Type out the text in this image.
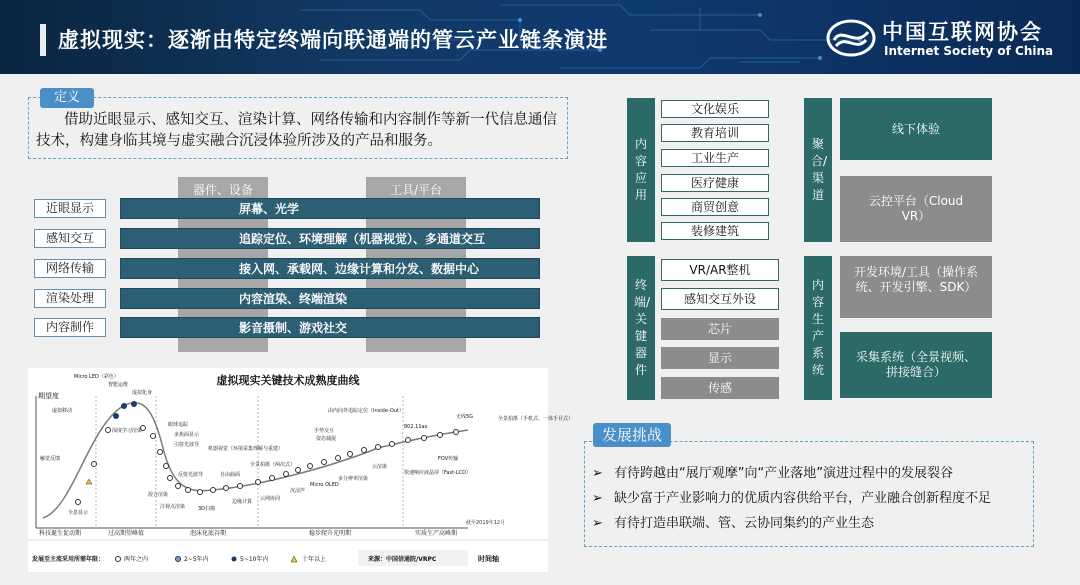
虚拟现实：逐渐由特定终端向联通端的管云产业链条演进	中国互联网协会
Internet Society of China
定义
借助近眼显示、感知交互、渲染计算、网络传输和内容制作等新一代信息通信技术，构建身临其境与虚实融合沉浸体验所涉及的产品和服务。
器件、设备	工具/平台
近眼显示	屏幕、光学
感知交互	追踪定位、环境理解（机器视觉）、多通道交互
网络传输	接入网、承载网、边缘计算和分发、数据中心
渲染处理	内容渲染、终端渲染
内容制作	影音摄制、游戏社交
虚拟现实关键技术成熟度曲线
期望度
科技诞生促动期	过高期望峰值	泡沫化底谷期	稳步爬升光明期	实质生产高峰期
全息显示
触觉反馈
虚拟移动
Micro LED（彩色）
智能运维
虚拟化身
深度学习渲染
眼球追踪
多焦面显示
引射光波导
混合渲染
注视点渲染
反射光波导
3D扫描
自由曲面
机器视觉（环境采集理解与重建）
全景拍摄（两次式）
边缘计算 云网协同
沉浸声
Micro OLED
由内向外追踪定位（Inside-Out）
手势交互
姿态捕捉
多分辨率渲染
云渲染
802.11ax
快速响应液晶屏（Fast-LCD）
FOV传输
无线5G	全景拍摄（手机式、一体手目式）
截至2019年12月
发展至主流采用所需年限：	两年之内	2~5年内	5~10年内	十年以上	来源：中国信通院/VRPC	时间轴
内容应用
文化娱乐
教育培训
工业生产
医疗健康
商贸创意
装修建筑
终端/关键器件
VR/AR整机
感知交互外设
芯片
显示
传感
聚合/渠道
线下体验
云控平台（Cloud VR）
内容生产系统
开发环境/工具（操作系统、开发引擎、SDK）
采集系统（全景视频、拼接缝合）
发展挑战
➢ 有待跨越由“展厅观摩”向“产业落地”演进过程中的发展裂谷
➢ 缺少富于产业影响力的优质内容供给平台，产业融合创新程度不足
➢ 有待打造串联端、管、云协同集约的产业生态
